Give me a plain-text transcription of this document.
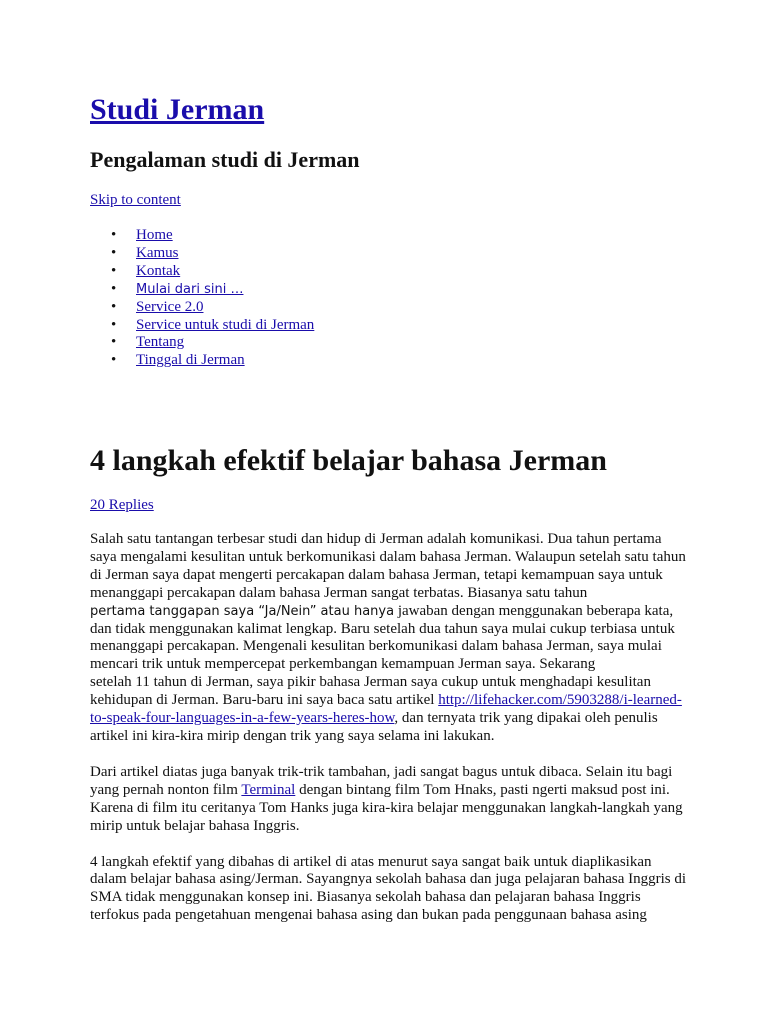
Studi Jerman
Pengalaman studi di Jerman
Skip to content
• Home
• Kamus
• Kontak
• Mulai dari sini …
• Service 2.0
• Service untuk studi di Jerman
• Tentang
• Tinggal di Jerman
4 langkah efektif belajar bahasa Jerman
20 Replies

Salah satu tantangan terbesar studi dan hidup di Jerman adalah komunikasi. Dua tahun pertama saya mengalami kesulitan untuk berkomunikasi dalam bahasa Jerman. Walaupun setelah satu tahun di Jerman saya dapat mengerti percakapan dalam bahasa Jerman, tetapi kemampuan saya untuk menanggapi percakapan dalam bahasa Jerman sangat terbatas. Biasanya satu tahun
pertama tanggapan saya “Ja/Nein” atau hanya jawaban dengan menggunakan beberapa kata, dan tidak menggunakan kalimat lengkap. Baru setelah dua tahun saya mulai cukup terbiasa untuk menanggapi percakapan. Mengenali kesulitan berkomunikasi dalam bahasa Jerman, saya mulai mencari trik untuk mempercepat perkembangan kemampuan Jerman saya. Sekarang
setelah 11 tahun di Jerman, saya pikir bahasa Jerman saya cukup untuk menghadapi kesulitan kehidupan di Jerman. Baru-baru ini saya baca satu artikel http://lifehacker.com/5903288/i-learned-to-speak-four-languages-in-a-few-years-heres-how, dan ternyata trik yang dipakai oleh penulis artikel ini kira-kira mirip dengan trik yang saya selama ini lakukan.

Dari artikel diatas juga banyak trik-trik tambahan, jadi sangat bagus untuk dibaca. Selain itu bagi yang pernah nonton film Terminal dengan bintang film Tom Hnaks, pasti ngerti maksud post ini. Karena di film itu ceritanya Tom Hanks juga kira-kira belajar menggunakan langkah-langkah yang mirip untuk belajar bahasa Inggris.

4 langkah efektif yang dibahas di artikel di atas menurut saya sangat baik untuk diaplikasikan dalam belajar bahasa asing/Jerman. Sayangnya sekolah bahasa dan juga pelajaran bahasa Inggris di SMA tidak menggunakan konsep ini. Biasanya sekolah bahasa dan pelajaran bahasa Inggris terfokus pada pengetahuan mengenai bahasa asing dan bukan pada penggunaan bahasa asing
